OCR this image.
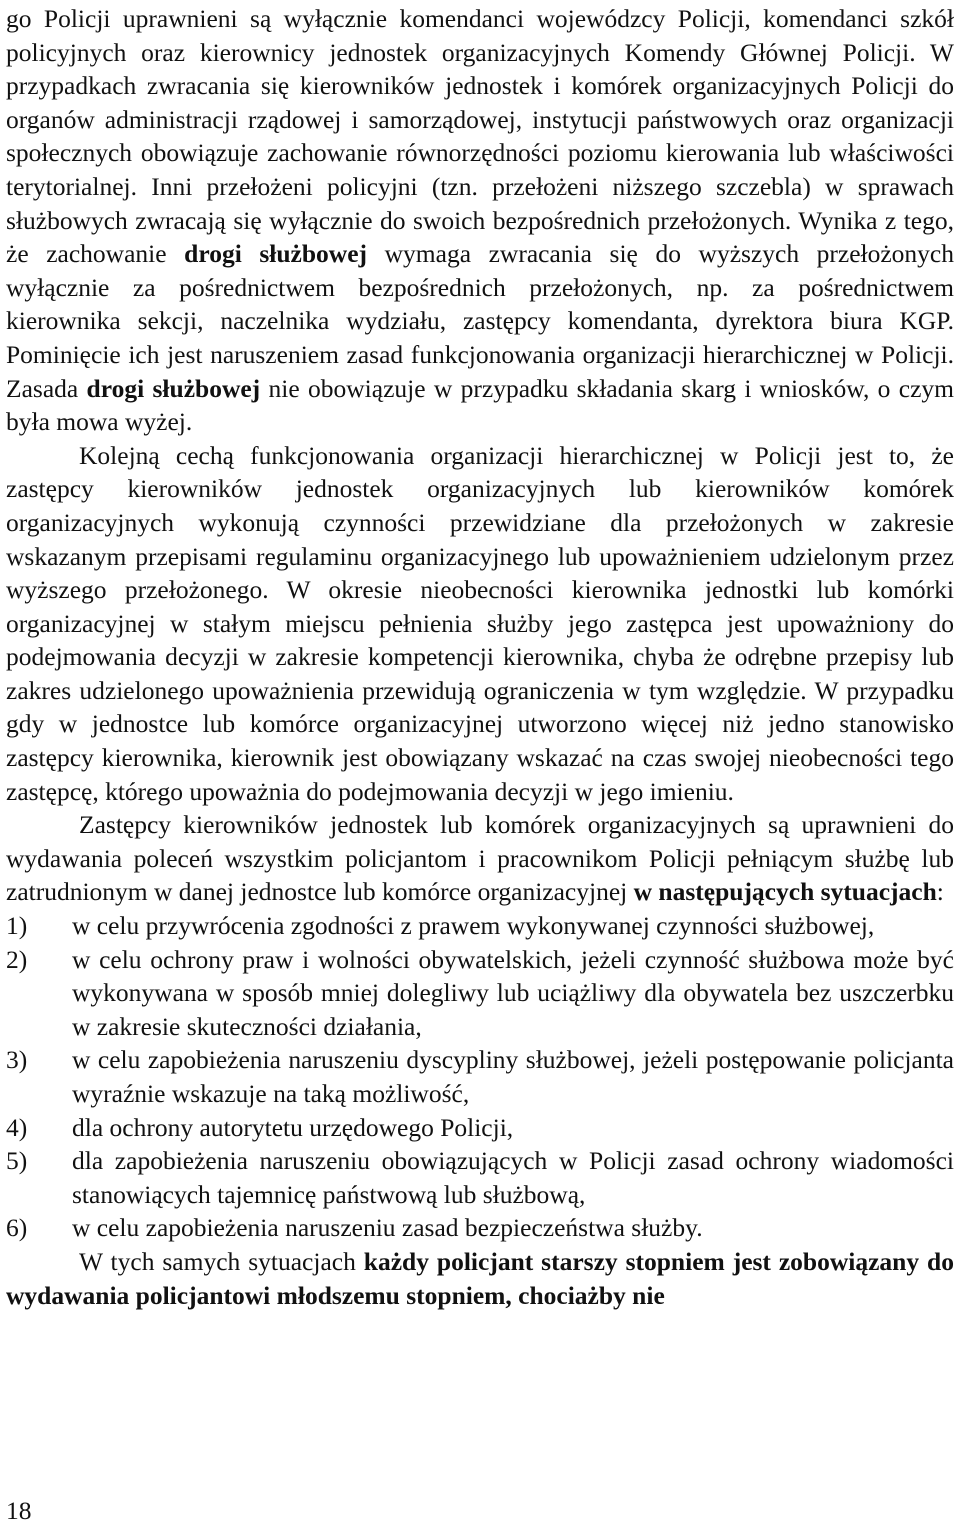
go Policji uprawnieni są wyłącznie komendanci wojewódzcy Policji, komendanci szkół policyjnych oraz kierownicy jednostek organizacyjnych Komendy Głównej Policji. W przypadkach zwracania się kierowników jednostek i komórek organizacyjnych Policji do organów administracji rządowej i samorządowej, instytucji państwowych oraz organizacji społecznych obowiązuje zachowanie równorzędności poziomu kierowania lub właściwości terytorialnej. Inni przełożeni policyjni (tzn. przełożeni niższego szczebla) w sprawach służbowych zwracają się wyłącznie do swoich bezpośrednich przełożonych. Wynika z tego, że zachowanie drogi służbowej wymaga zwracania się do wyższych przełożonych wyłącznie za pośrednictwem bezpośrednich przełożonych, np. za pośrednictwem kierownika sekcji, naczelnika wydziału, zastępcy komendanta, dyrektora biura KGP. Pominięcie ich jest naruszeniem zasad funkcjonowania organizacji hierarchicznej w Policji. Zasada drogi służbowej nie obowiązuje w przypadku składania skarg i wniosków, o czym była mowa wyżej.

Kolejną cechą funkcjonowania organizacji hierarchicznej w Policji jest to, że zastępcy kierowników jednostek organizacyjnych lub kierowników komórek organizacyjnych wykonują czynności przewidziane dla przełożonych w zakresie wskazanym przepisami regulaminu organizacyjnego lub upoważnieniem udzielonym przez wyższego przełożonego. W okresie nieobecności kierownika jednostki lub komórki organizacyjnej w stałym miejscu pełnienia służby jego zastępca jest upoważniony do podejmowania decyzji w zakresie kompetencji kierownika, chyba że odrębne przepisy lub zakres udzielonego upoważnienia przewidują ograniczenia w tym względzie. W przypadku gdy w jednostce lub komórce organizacyjnej utworzono więcej niż jedno stanowisko zastępcy kierownika, kierownik jest obowiązany wskazać na czas swojej nieobecności tego zastępcę, którego upoważnia do podejmowania decyzji w jego imieniu.

Zastępcy kierowników jednostek lub komórek organizacyjnych są uprawnieni do wydawania poleceń wszystkim policjantom i pracownikom Policji pełniącym służbę lub zatrudnionym w danej jednostce lub komórce organizacyjnej w następujących sytuacjach:

1) w celu przywrócenia zgodności z prawem wykonywanej czynności służbowej,
2) w celu ochrony praw i wolności obywatelskich, jeżeli czynność służbowa może być wykonywana w sposób mniej dolegliwy lub uciążliwy dla obywatela bez uszczerbku w zakresie skuteczności działania,
3) w celu zapobieżenia naruszeniu dyscypliny służbowej, jeżeli postępowanie policjanta wyraźnie wskazuje na taką możliwość,
4) dla ochrony autorytetu urzędowego Policji,
5) dla zapobieżenia naruszeniu obowiązujących w Policji zasad ochrony wiadomości stanowiących tajemnicę państwową lub służbową,
6) w celu zapobieżenia naruszeniu zasad bezpieczeństwa służby.

W tych samych sytuacjach każdy policjant starszy stopniem jest zobowiązany do wydawania policjantowi młodszemu stopniem, chociażby nie

18
